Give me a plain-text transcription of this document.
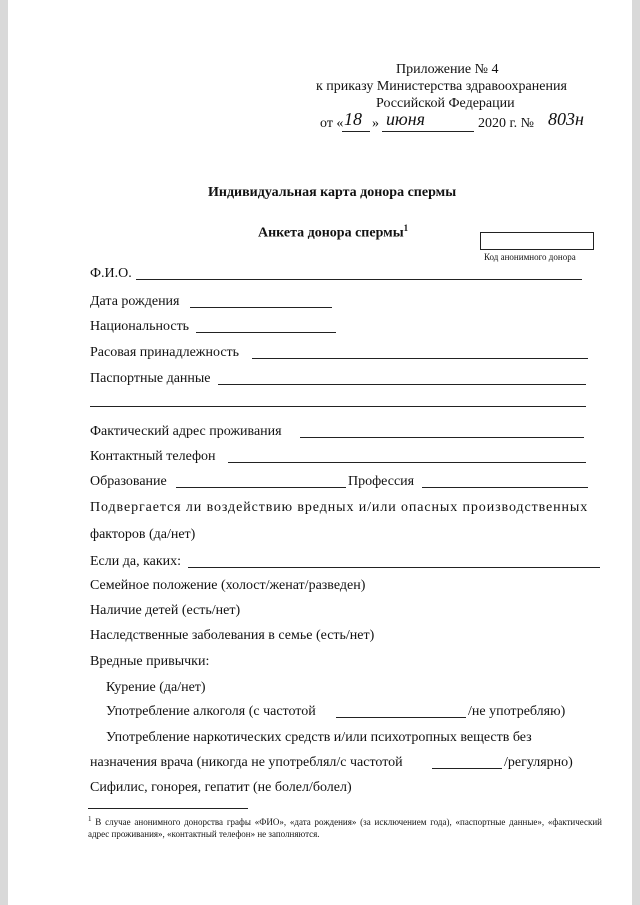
Приложение № 4
к приказу Министерства здравоохранения
Российской Федерации
от « 18 » июня	2020 г. № 803н
Индивидуальная карта донора спермы
Анкета донора спермы$^1$
Код анонимного донора
Ф.И.О.
Дата рождения
Национальность
Расовая принадлежность
Паспортные данные
Фактический адрес проживания
Контактный телефон
Образование	Профессия
Подвергается ли воздействию вредных и/или опасных производственных
факторов (да/нет)
Если да, каких:
Семейное положение (холост/женат/разведен)
Наличие детей (есть/нет)
Наследственные заболевания в семье (есть/нет)
Вредные привычки:
Курение (да/нет)
Употребление алкоголя (с частотой	/не употребляю)
Употребление наркотических средств и/или психотропных веществ без
назначения врача (никогда не употреблял/с частотой	/регулярно)
Сифилис, гонорея, гепатит (не болел/болел)
$^1$ В случае анонимного донорства графы «ФИО», «дата рождения» (за исключением года), «паспортные данные», «фактический адрес проживания», «контактный телефон» не заполняются.
